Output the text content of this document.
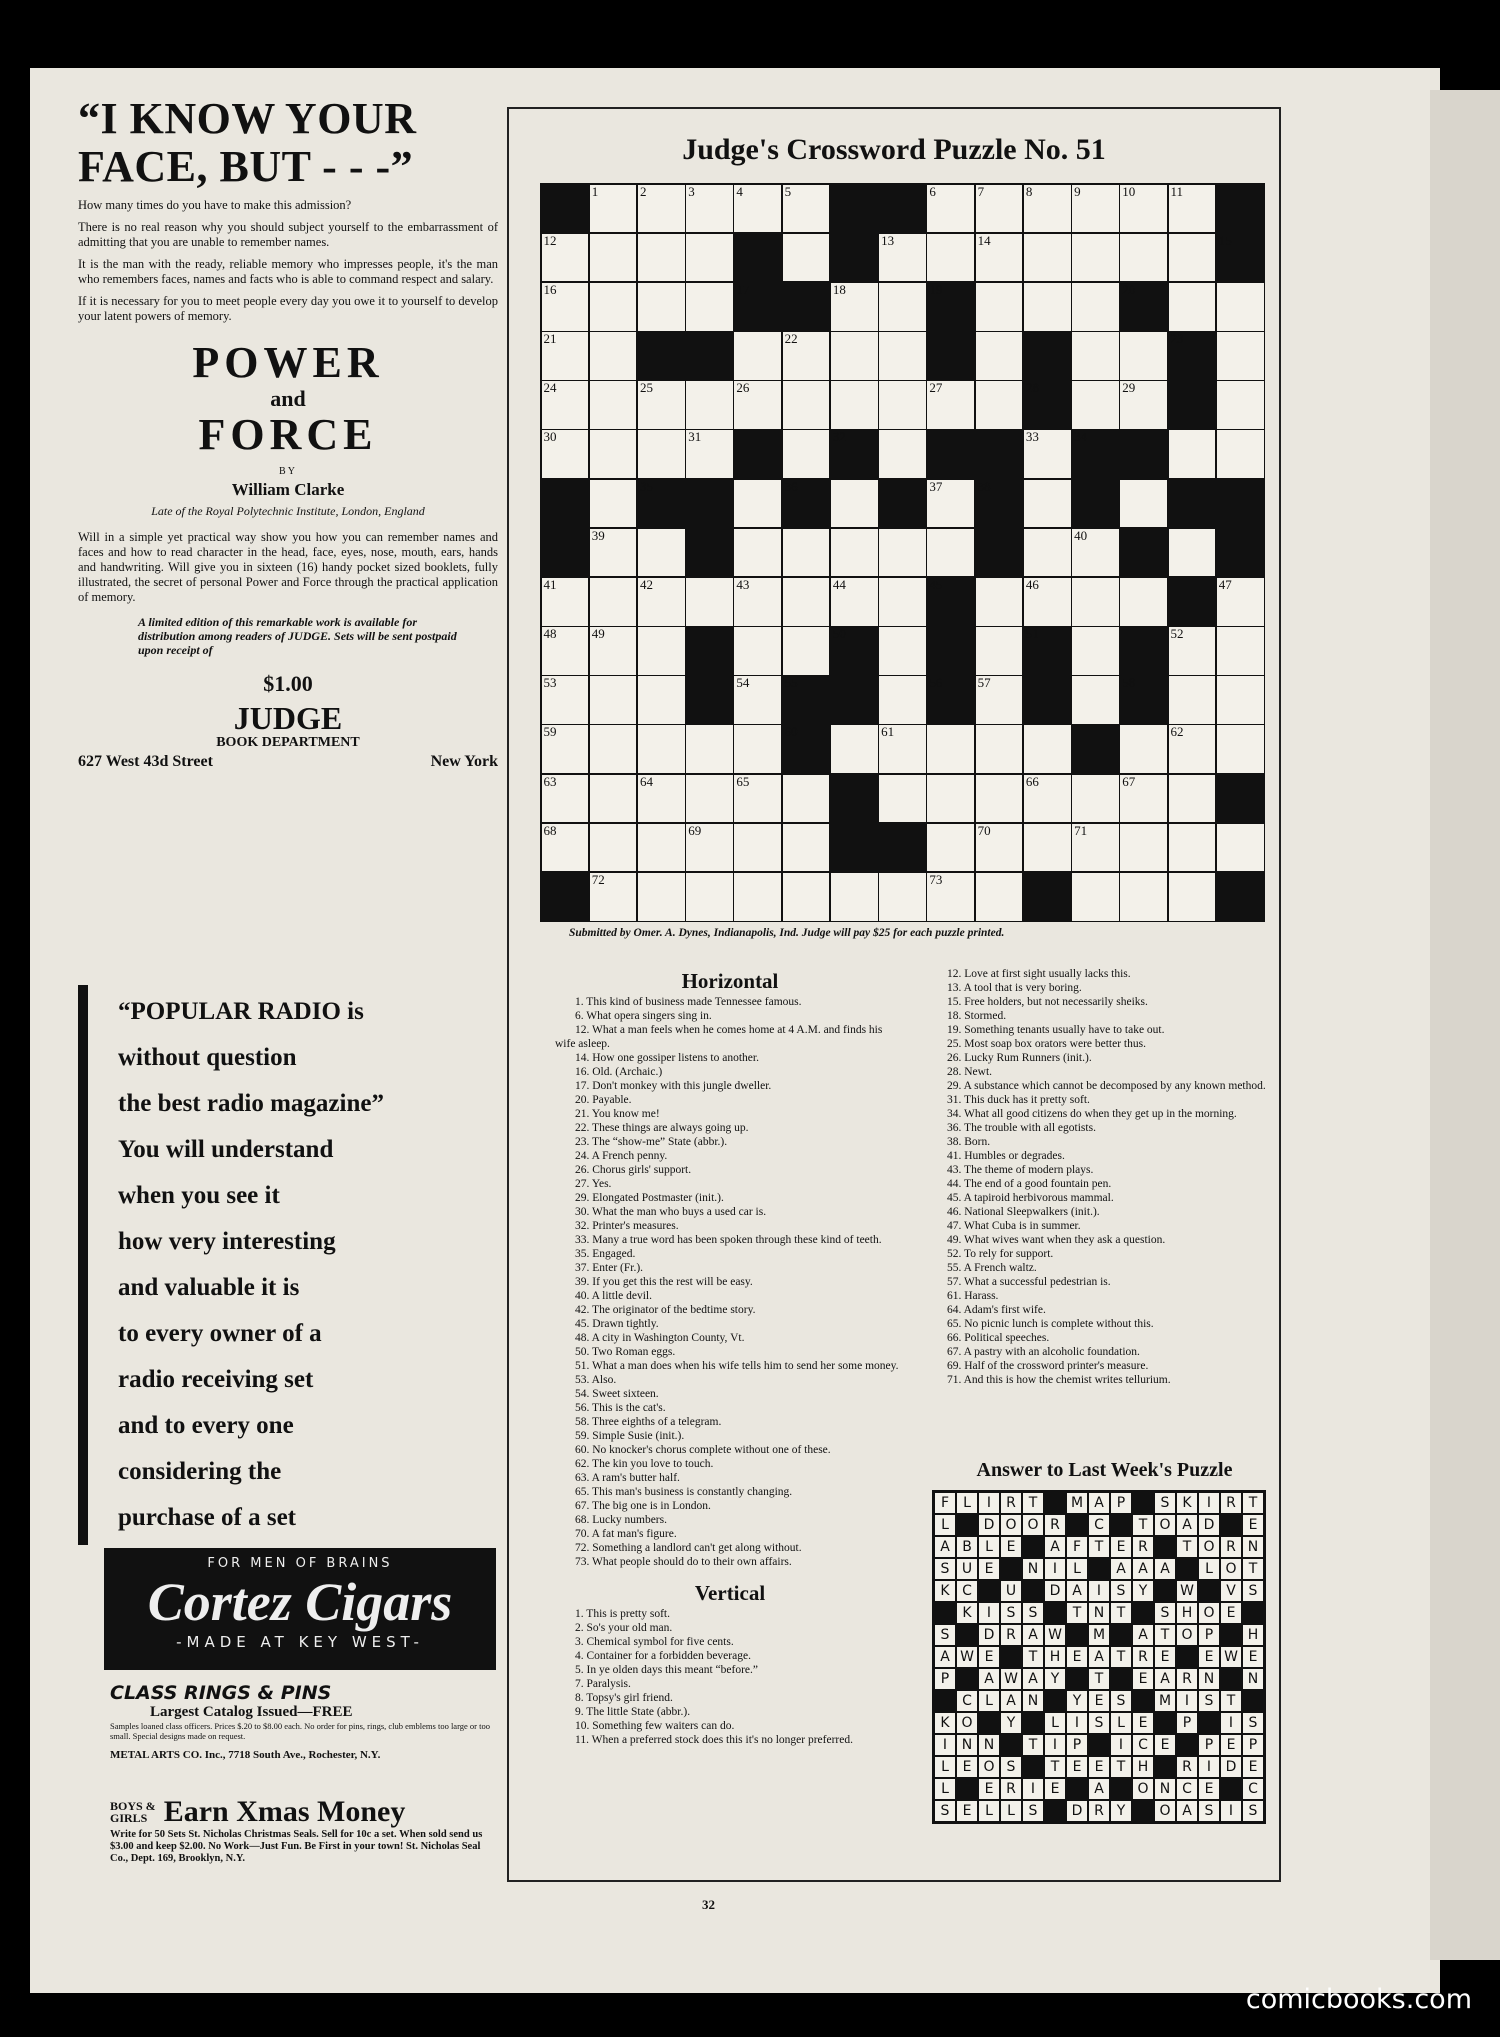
“I KNOW YOUR FACE, BUT - - -”
How many times do you have to make this admission?
There is no real reason why you should subject yourself to the embarrassment of admitting that you are unable to remember names.
It is the man with the ready, reliable memory who impresses people, it's the man who remembers faces, names and facts who is able to command respect and salary.
If it is necessary for you to meet people every day you owe it to yourself to develop your latent powers of memory.
POWER
and
FORCE
BY
William Clarke
Late of the Royal Polytechnic Institute, London, England
Will in a simple yet practical way show you how you can remember names and faces and how to read character in the head, face, eyes, nose, mouth, ears, hands and handwriting. Will give you in sixteen (16) handy pocket sized booklets, fully illustrated, the secret of personal Power and Force through the practical application of memory.
A limited edition of this remarkable work is available for distribution among readers of JUDGE. Sets will be sent postpaid upon receipt of
$1.00
JUDGE
BOOK DEPARTMENT
627 West 43d Street	New York
“POPULAR RADIO is
without question
the best radio magazine”
You will understand
when you see it
how very interesting
and valuable it is
to every owner of a
radio receiving set
and to every one
considering the
purchase of a set
FOR MEN OF BRAINS
Cortez Cigars
-MADE AT KEY WEST-
CLASS RINGS & PINS
Largest Catalog Issued—FREE
Samples loaned class officers. Prices $.20 to $8.00 each. No order for pins, rings, club emblems too large or too small. Special designs made on request.
METAL ARTS CO. Inc., 7718 South Ave., Rochester, N.Y.
BOYS &
GIRLS Earn Xmas Money
Write for 50 Sets St. Nicholas Christmas Seals. Sell for 10c a set. When sold send us $3.00 and keep $2.00. No Work—Just Fun. Be First in your town! St. Nicholas Seal Co., Dept. 169, Brooklyn, N.Y.
Judge's Crossword Puzzle No. 51
1	2	3	4	5	6	7	8	9	10	11
12	13	14	15
16	17	18	19	20
21	22	23
24	25	26	27	28	29
30	31	32	33	34
35	36	37	38
39	40
41	42	43	44	45	46	47
48	49	50	51	52
53	54	55	56	57	58
59	60	61	62
63	64	65	66	67
68	69	70	71
72	73
Submitted by Omer. A. Dynes, Indianapolis, Ind. Judge will pay $25 for each puzzle printed.
Horizontal
1. This kind of business made Tennessee famous.
6. What opera singers sing in.
12. What a man feels when he comes home at 4 A.M. and finds his wife asleep.
14. How one gossiper listens to another.
16. Old. (Archaic.)
17. Don't monkey with this jungle dweller.
20. Payable.
21. You know me!
22. These things are always going up.
23. The “show-me” State (abbr.).
24. A French penny.
26. Chorus girls' support.
27. Yes.
29. Elongated Postmaster (init.).
30. What the man who buys a used car is.
32. Printer's measures.
33. Many a true word has been spoken through these kind of teeth.
35. Engaged.
37. Enter (Fr.).
39. If you get this the rest will be easy.
40. A little devil.
42. The originator of the bedtime story.
45. Drawn tightly.
48. A city in Washington County, Vt.
50. Two Roman eggs.
51. What a man does when his wife tells him to send her some money.
53. Also.
54. Sweet sixteen.
56. This is the cat's.
58. Three eighths of a telegram.
59. Simple Susie (init.).
60. No knocker's chorus complete without one of these.
62. The kin you love to touch.
63. A ram's butter half.
65. This man's business is constantly changing.
67. The big one is in London.
68. Lucky numbers.
70. A fat man's figure.
72. Something a landlord can't get along without.
73. What people should do to their own affairs.
Vertical
1. This is pretty soft.
2. So's your old man.
3. Chemical symbol for five cents.
4. Container for a forbidden beverage.
5. In ye olden days this meant “before.”
7. Paralysis.
8. Topsy's girl friend.
9. The little State (abbr.).
10. Something few waiters can do.
11. When a preferred stock does this it's no longer preferred.
12. Love at first sight usually lacks this.
13. A tool that is very boring.
15. Free holders, but not necessarily sheiks.
18. Stormed.
19. Something tenants usually have to take out.
25. Most soap box orators were better thus.
26. Lucky Rum Runners (init.).
28. Newt.
29. A substance which cannot be decomposed by any known method.
31. This duck has it pretty soft.
34. What all good citizens do when they get up in the morning.
36. The trouble with all egotists.
38. Born.
41. Humbles or degrades.
43. The theme of modern plays.
44. The end of a good fountain pen.
45. A tapiroid herbivorous mammal.
46. National Sleepwalkers (init.).
47. What Cuba is in summer.
49. What wives want when they ask a question.
52. To rely for support.
55. A French waltz.
57. What a successful pedestrian is.
61. Harass.
64. Adam's first wife.
65. No picnic lunch is complete without this.
66. Political speeches.
67. A pastry with an alcoholic foundation.
69. Half of the crossword printer's measure.
71. And this is how the chemist writes tellurium.
Answer to Last Week's Puzzle
F	L	I	R T	M A P	S K	I	R T
L	D O O R	C	T O A D	E
A B L E	A F T E R	T O R N
S U E	N	I	L	A A A	L O T
K C	U	D A	I	S Y	W	V S
K	I	S S	T N T	S H O E
S	D R A W	M	A T O P	H
A W E	T H E A T R E	E W E
P	A W A Y	T	E A R N	N
C L A N	Y E S	M I	S T
K O	Y	L	I	S L E	P	I	S
I	N N	T	I	P	I	C E	P E P
L E O S	T E E T H	R	I	D E
L	E R	I	E	A	O N C E	C
S E L	L S	D R Y	O A S	I	S
32
comicbooks.com
